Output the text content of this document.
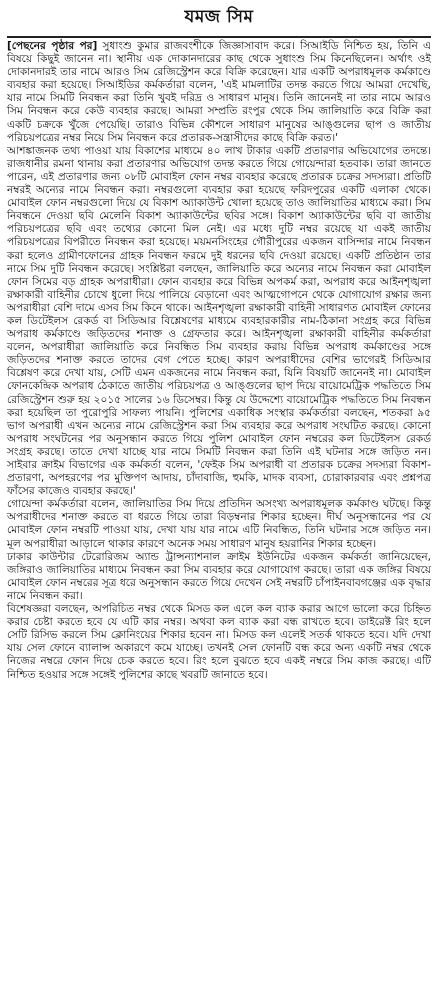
যমজ সিম

[পেছনের পৃষ্ঠার পর] সুধাংশু কুমার রাজবংশীকে জিজ্ঞাসাবাদ করে। সিআইডি নিশ্চিত হয়, তিনি এ বিষয়ে কিছুই জানেন না। স্থানীয় এক দোকানদারের কাছ থেকে সুধাংশু সিম কিনেছিলেন। অর্থাৎ ওই দোকানদারই তার নামে আরও সিম রেজিস্ট্রেশন করে বিক্রি করেছেন। যার একটি অপরাধমূলক কর্মকাণ্ডে ব্যবহার করা হয়েছে। সিআইডির কর্মকর্তারা বলেন, 'এই মামলাটির তদন্ত করতে গিয়ে আমরা দেখেছি, যার নামে সিমটি নিবন্ধন করা তিনি খুবই দরিদ্র ও সাধারণ মানুষ। তিনি জানেনই না তার নামে আরও সিম নিবন্ধন করে কেউ ব্যবহার করছে। আমরা সম্প্রতি রংপুর থেকে সিম জালিয়াতি করে বিক্রি করা একটি চক্রকে খুঁজে পেয়েছি। তারাও বিভিন্ন কৌশলে সাধারণ মানুষের আঙ্গুলের ছাপ ও জাতীয় পরিচয়পত্রের নম্বর নিয়ে সিম নিবন্ধন করে প্রতারক-সন্ত্রাসীদের কাছে বিক্রি করত।'

আশঙ্কাজনক তথ্য পাওয়া যায় বিকাশের মাধ্যমে ৪০ লাখ টাকার একটি প্রতারণার অভিযোগের তদন্তে। রাজধানীর রমনা থানায় করা প্রতারণার অভিযোগ তদন্ত করতে গিয়ে গোয়েন্দারা হতবাক। তারা জানতে পারেন, এই প্রতারণার জন্য ০৮টি মোবাইল ফোন নম্বর ব্যবহার করেছে প্রতারক চক্রের সদস্যরা। প্রতিটি নম্বরই অন্যের নামে নিবন্ধন করা। নম্বরগুলো ব্যবহার করা হয়েছে ফরিদপুরের একটি এলাকা থেকে। মোবাইল ফোন নম্বরগুলো দিয়ে যে বিকাশ অ্যাকাউন্ট খোলা হয়েছে তাও জালিয়াতির মাধ্যমে করা। সিম নিবন্ধনে দেওয়া ছবি মেলেনি বিকাশ অ্যাকাউন্টের ছবির সঙ্গে। বিকাশ অ্যাকাউন্টের ছবি বা জাতীয় পরিচয়পত্রের ছবি এবং তথ্যের কোনো মিল নেই। এর মধ্যে দুটি নম্বর রয়েছে যা একই জাতীয় পরিচয়পত্রের বিপরীতে নিবন্ধন করা হয়েছে। ময়মনসিংহের গৌরীপুরের একজন বাসিন্দার নামে নিবন্ধন করা হলেও গ্রামীণফোনের গ্রাহক নিবন্ধন ফরমে দুই ধরনের ছবি দেওয়া রয়েছে। একটি প্রতিষ্ঠান তার নামে সিম দুটি নিবন্ধন করেছে। সংশ্লিষ্টরা বলছেন, জালিয়াতি করে অন্যের নামে নিবন্ধন করা মোবাইল ফোন সিমের বড় গ্রাহক অপরাধীরা। ফোন ব্যবহার করে বিভিন্ন অপকর্ম করা, অপরাধ করে আইনশৃঙ্খলা রক্ষাকারী বাহিনীর চোখে ধুলো দিয়ে পালিয়ে বেড়ানো এবং আত্মগোপনে থেকে যোগাযোগ রক্ষার জন্য অপরাধীরা বেশি দামে এসব সিম কিনে থাকে। আইনশৃঙ্খলা রক্ষাকারী বাহিনী সাধারণত মোবাইল ফোনের কল ডিটেইলস রেকর্ড বা সিডিআর বিশ্লেষণের মাধ্যমে ব্যবহারকারীর নাম-ঠিকানা সংগ্রহ করে বিভিন্ন অপরাধ কর্মকাণ্ডে জড়িতদের শনাক্ত ও গ্রেফতার করে। আইনশৃঙ্খলা রক্ষাকারী বাহিনীর কর্মকর্তারা বলেন, অপরাধীরা জালিয়াতি করে নিবন্ধিত সিম ব্যবহার করায় বিভিন্ন অপরাধ কর্মকাণ্ডের সঙ্গে জড়িতদের শনাক্ত করতে তাদের বেগ পেতে হচ্ছে। কারণ অপরাধীদের বেশির ভাগেরই সিডিআর বিশ্লেষণ করে দেখা যায়, সেটি এমন একজনের নামে নিবন্ধন করা, যিনি বিষয়টি জানেনই না। মোবাইল ফোনকেন্দ্রিক অপরাধ ঠেকাতে জাতীয় পরিচয়পত্র ও আঙ্গুলের ছাপ দিয়ে বায়োমেট্রিক পদ্ধতিতে সিম রেজিস্ট্রেশন শুরু হয় ২০১৫ সালের ১৬ ডিসেম্বর। কিন্তু যে উদ্দেশ্যে বায়োমেট্রিক পদ্ধতিতে সিম নিবন্ধন করা হয়েছিল তা পুরোপুরি সাফল্য পায়নি। পুলিশের একাধিক সংস্থার কর্মকর্তারা বলছেন, শতকরা ৯৫ ভাগ অপরাধী এখন অন্যের নামে রেজিস্ট্রেশন করা সিম ব্যবহার করে অপরাধ সংঘটিত করছে। কোনো অপরাধ সংঘটনের পর অনুসন্ধান করতে গিয়ে পুলিশ মোবাইল ফোন নম্বরের কল ডিটেইলস রেকর্ড সংগ্রহ করছে। তাতে দেখা যাচ্ছে যার নামে সিমটি নিবন্ধন করা তিনি এই ঘটনার সঙ্গে জড়িত নন। সাইবার ক্রাইম বিভাগের এক কর্মকর্তা বলেন, 'ফেইক সিম অপরাধী বা প্রতারক চক্রের সদস্যরা বিকাশ-প্রতারণা, অপহরণের পর মুক্তিপণ আদায়, চাঁদাবাজি, হুমকি, মাদক ব্যবসা, চোরাকারবার এবং প্রশ্নপত্র ফাঁসের কাজেও ব্যবহার করছে।'

গোয়েন্দা কর্মকর্তারা বলেন, জালিয়াতির সিম দিয়ে প্রতিদিন অসংখ্য অপরাধমূলক কর্মকাণ্ড ঘটছে। কিন্তু অপরাধীদের শনাক্ত করতে বা ধরতে গিয়ে তারা বিড়ম্বনার শিকার হচ্ছেন। দীর্ঘ অনুসন্ধানের পর যে মোবাইল ফোন নম্বরটি পাওয়া যায়, দেখা যায় যার নামে এটি নিবন্ধিত, তিনি ঘটনার সঙ্গে জড়িত নন। মূল অপরাধীরা আড়ালে থাকার কারণে অনেক সময় সাধারণ মানুষ হয়রানির শিকার হচ্ছেন।

ঢাকার কাউন্টার টেরোরিজম অ্যান্ড ট্রান্সন্যাশনাল ক্রাইম ইউনিটের একজন কর্মকর্তা জানিয়েছেন, জঙ্গিরাও জালিয়াতির মাধ্যমে নিবন্ধন করা সিম ব্যবহার করে যোগাযোগ করছে। তারা এক জঙ্গির বিষয়ে মোবাইল ফোন নম্বরের সূত্র ধরে অনুসন্ধান করতে গিয়ে দেখেন সেই নম্বরটি চাঁপাইনবাবগঞ্জের এক বৃদ্ধার নামে নিবন্ধন করা।

বিশেষজ্ঞরা বলছেন, অপরিচিত নম্বর থেকে মিসড কল এলে কল ব্যাক করার আগে ভালো করে চিহ্নিত করার চেষ্টা করতে হবে যে এটি কার নম্বর। অথবা কল ব্যাক করা বন্ধ রাখতে হবে। ডাইরেক্ট রিং হলে সেটি রিসিভ করলে সিম ক্লোনিংয়ের শিকার হবেন না। মিসড কল এলেই সতর্ক থাকতে হবে। যদি দেখা যায় সেল ফোনে ব্যালান্স অকারণে কমে যাচ্ছে। তখনই সেল ফোনটি বন্ধ করে অন্য একটি নম্বর থেকে নিজের নম্বরে ফোন দিয়ে চেক করতে হবে। রিং হলে বুঝতে হবে একই নম্বরে সিম কাজ করছে। এটি নিশ্চিত হওয়ার সঙ্গে সঙ্গেই পুলিশের কাছে খবরটি জানাতে হবে।
